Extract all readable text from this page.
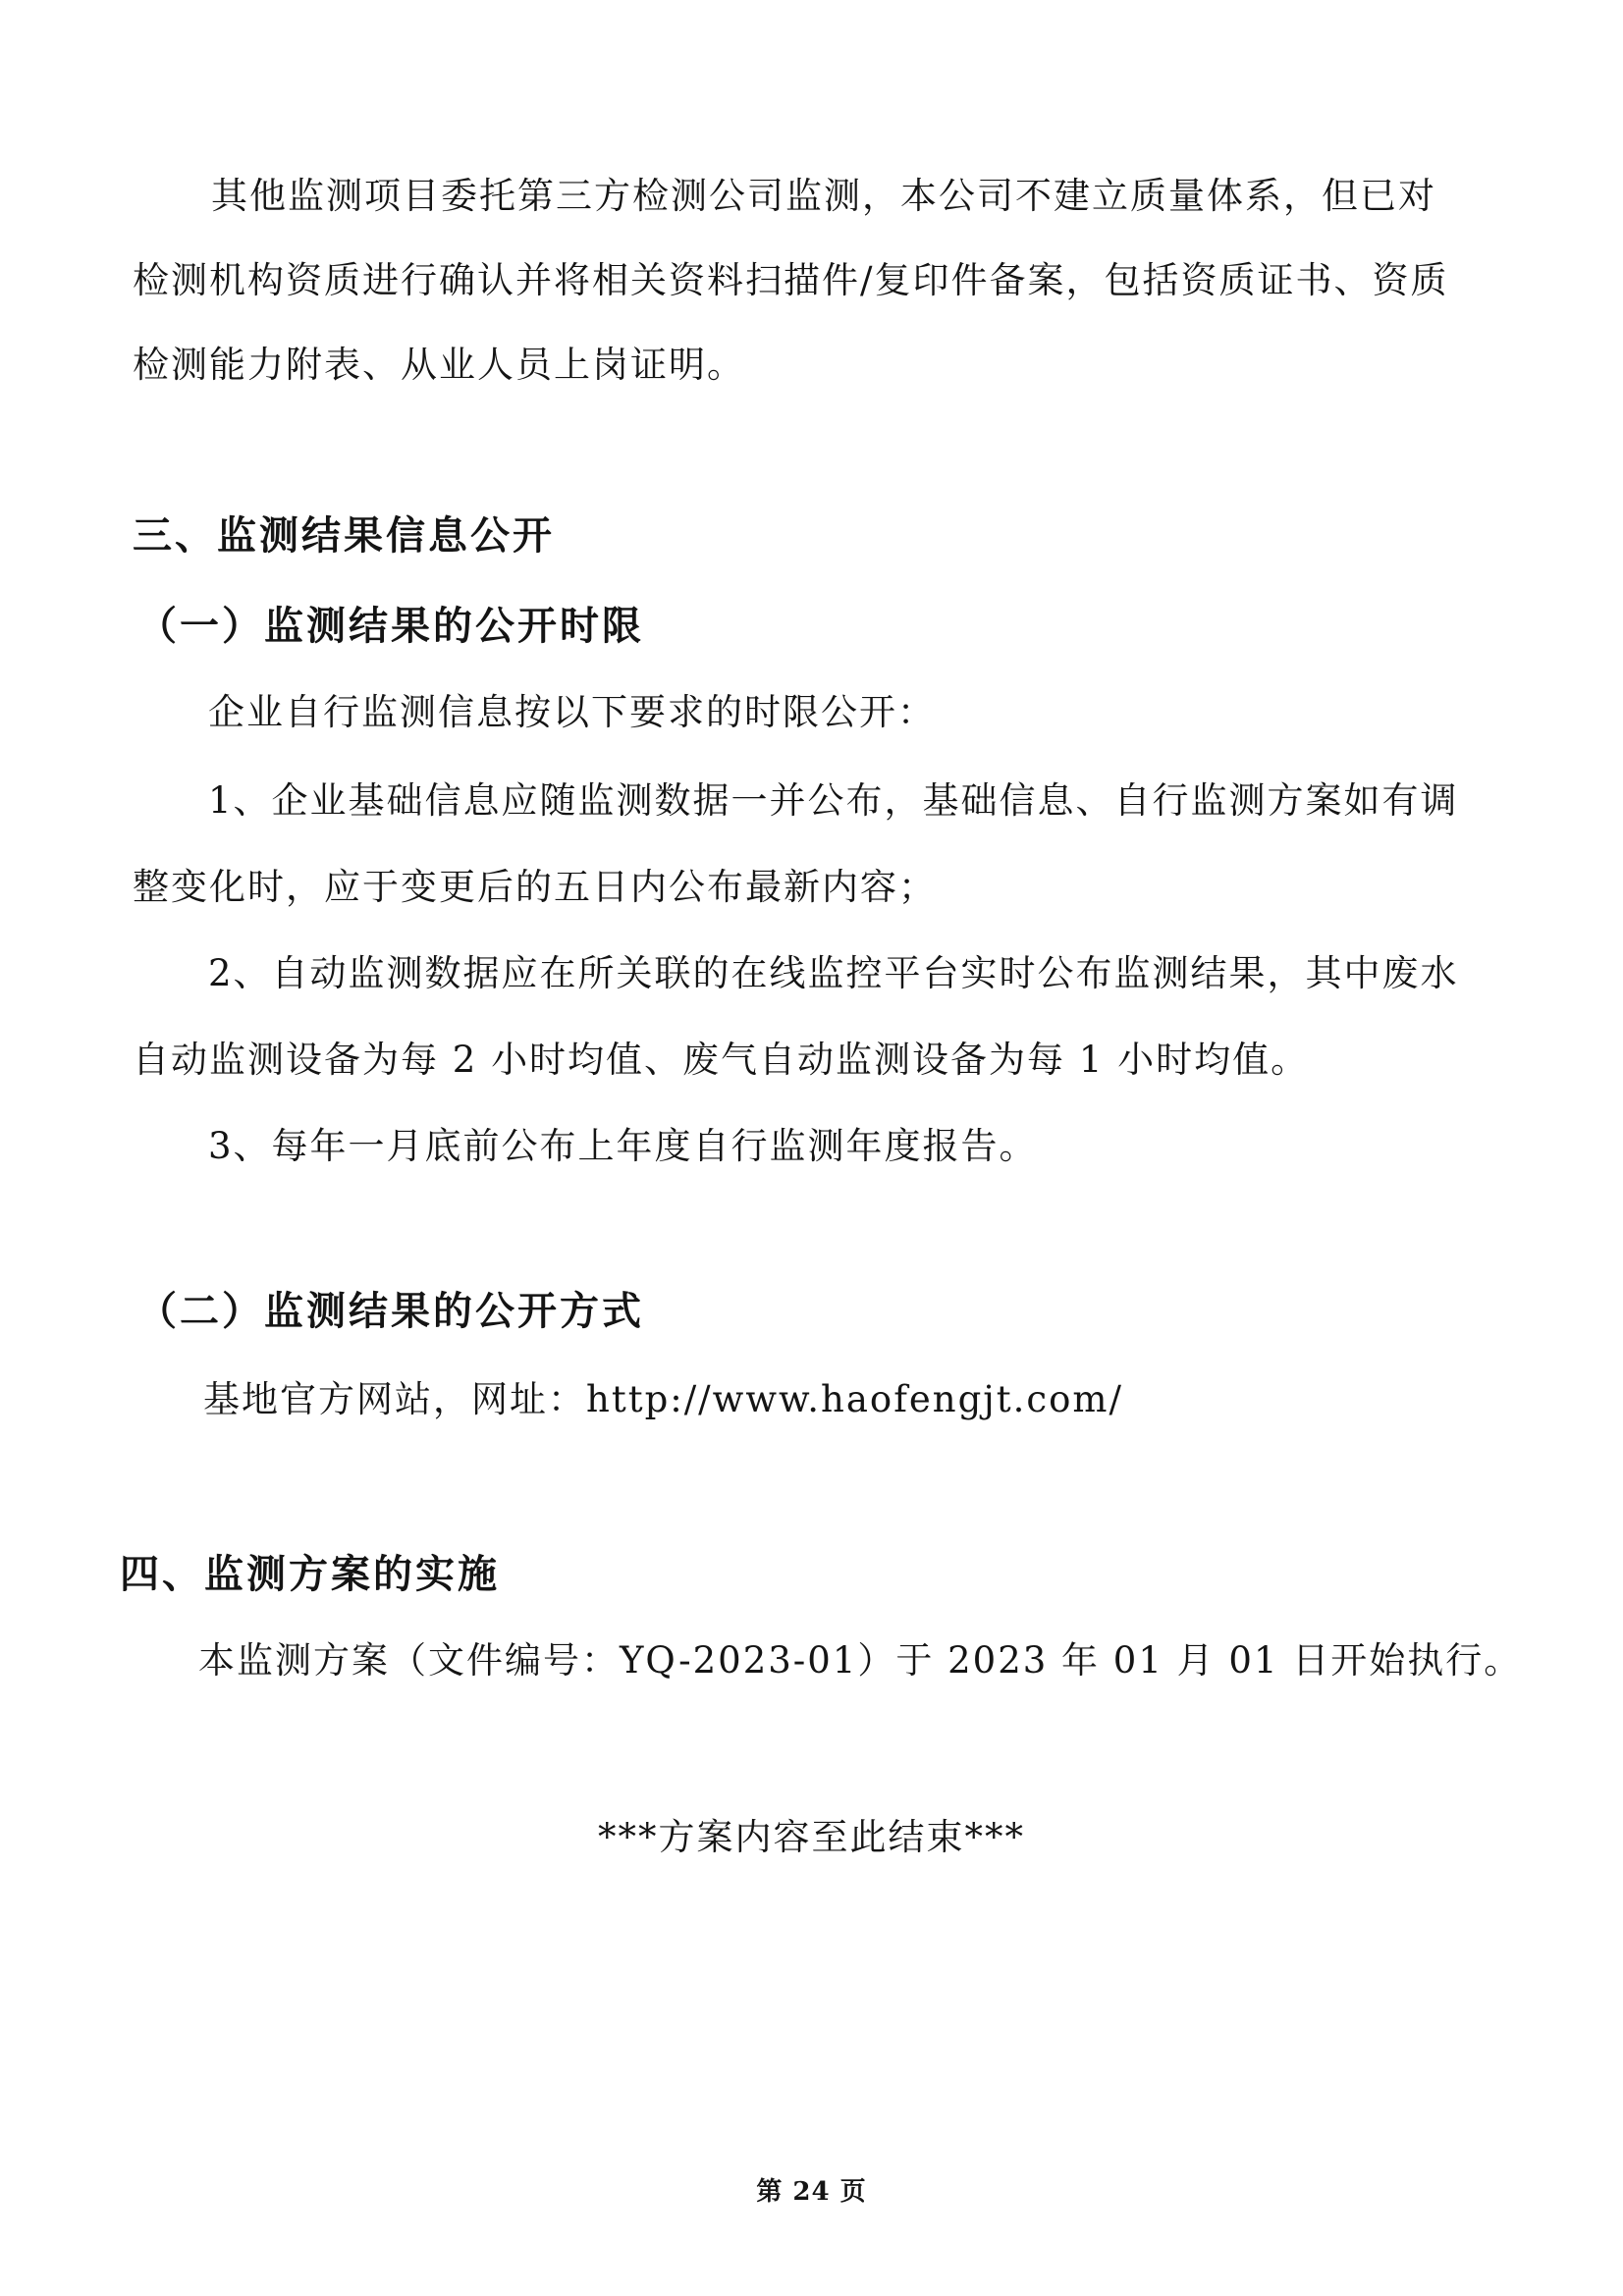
其他监测项目委托第三方检测公司监测，本公司不建立质量体系，但已对
检测机构资质进行确认并将相关资料扫描件/复印件备案，包括资质证书、资质
检测能力附表、从业人员上岗证明。
三、监测结果信息公开
（一）监测结果的公开时限
企业自行监测信息按以下要求的时限公开：
1、企业基础信息应随监测数据一并公布，基础信息、自行监测方案如有调
整变化时，应于变更后的五日内公布最新内容；
2、自动监测数据应在所关联的在线监控平台实时公布监测结果，其中废水
自动监测设备为每 2 小时均值、废气自动监测设备为每 1 小时均值。
3、每年一月底前公布上年度自行监测年度报告。
（二）监测结果的公开方式
基地官方网站，网址：http://www.haofengjt.com/
四、监测方案的实施
本监测方案（文件编号：YQ-2023-01）于 2023 年 01 月 01 日开始执行。
***方案内容至此结束***
第 24 页
